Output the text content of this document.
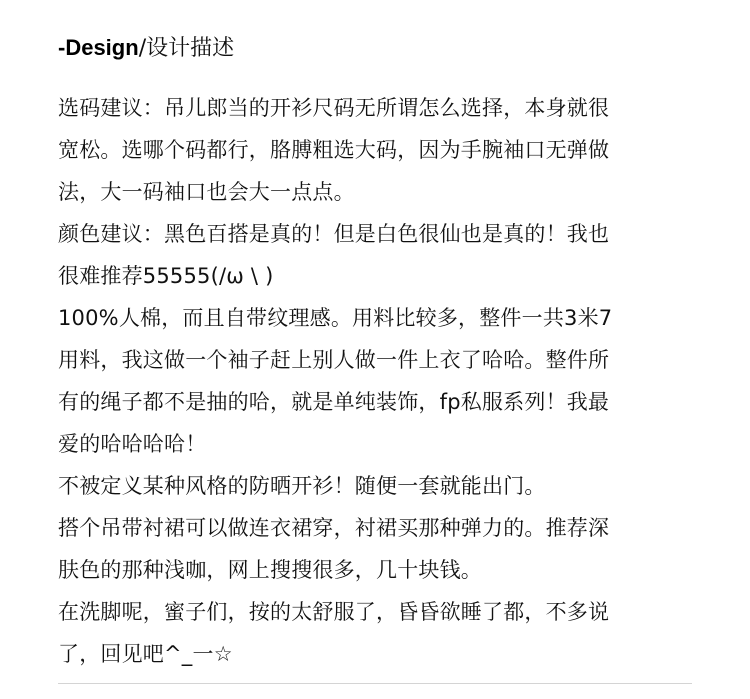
-Design/设计描述

选码建议：吊儿郎当的开衫尺码无所谓怎么选择，本身就很
宽松。选哪个码都行，胳膊粗选大码，因为手腕袖口无弹做
法，大一码袖口也会大一点点。

颜色建议：黑色百搭是真的！但是白色很仙也是真的！我也
很难推荐55555(/ω \ )

100%人棉，而且自带纹理感。用料比较多，整件一共3米7
用料，我这做一个袖子赶上别人做一件上衣了哈哈。整件所
有的绳子都不是抽的哈，就是单纯装饰，fp私服系列！我最
爱的哈哈哈哈！

不被定义某种风格的防晒开衫！随便一套就能出门。

搭个吊带衬裙可以做连衣裙穿，衬裙买那种弹力的。推荐深
肤色的那种浅咖，网上搜搜很多，几十块钱。

在洗脚呢，蜜子们，按的太舒服了，昏昏欲睡了都，不多说
了，回见吧^_一☆
